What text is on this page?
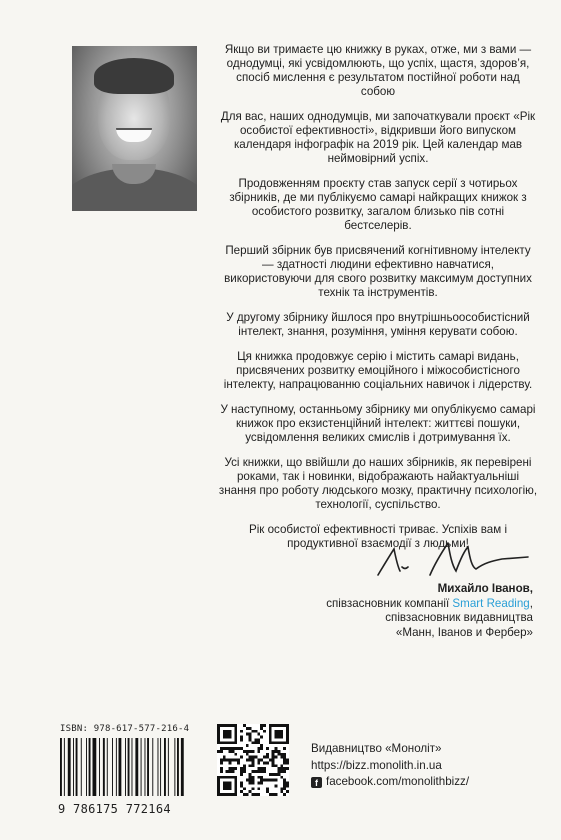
Якщо ви тримаєте цю книжку в руках, отже, ми з вами — однодумці, які усвідомлюють, що успіх, щастя, здоров’я, спосіб мислення є результатом постійної роботи над собою

Для вас, наших однодумців, ми започаткували проєкт «Рік особистої ефективності», відкривши його випуском календаря інфографік на 2019 рік. Цей календар мав неймовірний успіх.

Продовженням проєкту став запуск серії з чотирьох збірників, де ми публікуємо самарі найкращих книжок з особистого розвитку, загалом близько пів сотні бестселерів.

Перший збірник був присвячений когнітивному інтелекту — здатності людини ефективно навчатися, використовуючи для свого розвитку максимум доступних технік та інструментів.

У другому збірнику йшлося про внутрішньоособистісний інтелект, знання, розуміння, уміння керувати собою.

Ця книжка продовжує серію і містить самарі видань, присвячених розвитку емоційного і міжособистісного інтелекту, напрацюванню соціальних навичок і лідерству.

У наступному, останньому збірнику ми опублікуємо самарі книжок про екзистенційний інтелект: життєві пошуки, усвідомлення великих смислів і дотримування їх.

Усі книжки, що ввійшли до наших збірників, як перевірені роками, так і новинки, відображають найактуальніші знання про роботу людського мозку, практичну психологію, технології, суспільство.

Рік особистої ефективності триває. Успіхів вам і продуктивної взаємодії з людьми!

Михайло Іванов,
співзасновник компанії Smart Reading,
співзасновник видавництва
«Манн, Іванов и Фербер»
ISBN: 978-617-577-216-4
9 786175 772164
Видавництво «Моноліт»
https://bizz.monolith.in.ua
f facebook.com/monolithbizz/
